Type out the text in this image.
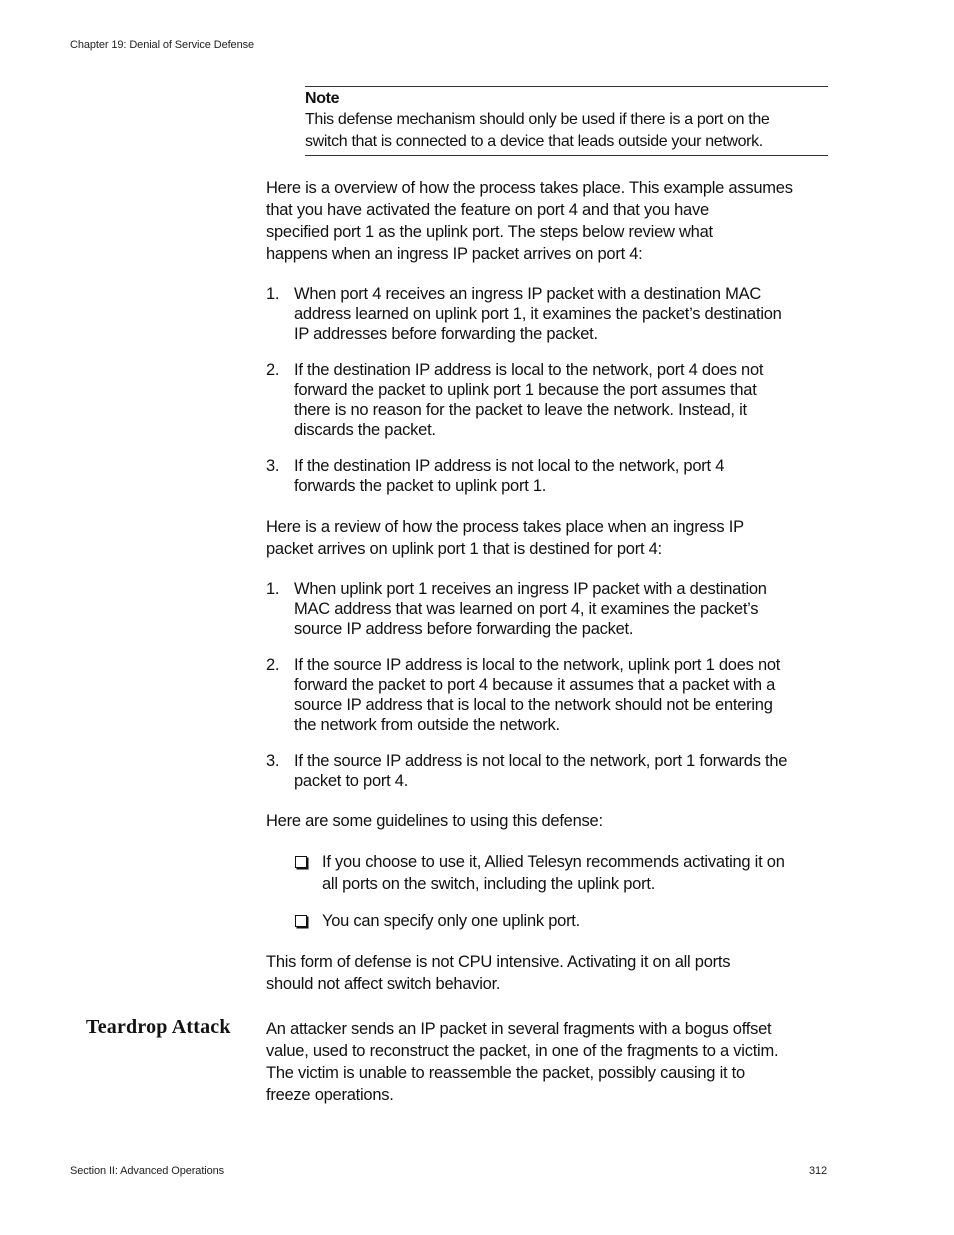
Chapter 19: Denial of Service Defense
Note
This defense mechanism should only be used if there is a port on the
switch that is connected to a device that leads outside your network.
Here is a overview of how the process takes place. This example assumes
that you have activated the feature on port 4 and that you have
specified port 1 as the uplink port. The steps below review what
happens when an ingress IP packet arrives on port 4:
1. When port 4 receives an ingress IP packet with a destination MAC
address learned on uplink port 1, it examines the packet’s destination
IP addresses before forwarding the packet.
2. If the destination IP address is local to the network, port 4 does not
forward the packet to uplink port 1 because the port assumes that
there is no reason for the packet to leave the network. Instead, it
discards the packet.
3. If the destination IP address is not local to the network, port 4
forwards the packet to uplink port 1.
Here is a review of how the process takes place when an ingress IP
packet arrives on uplink port 1 that is destined for port 4:
1. When uplink port 1 receives an ingress IP packet with a destination
MAC address that was learned on port 4, it examines the packet’s
source IP address before forwarding the packet.
2. If the source IP address is local to the network, uplink port 1 does not
forward the packet to port 4 because it assumes that a packet with a
source IP address that is local to the network should not be entering
the network from outside the network.
3. If the source IP address is not local to the network, port 1 forwards the
packet to port 4.
Here are some guidelines to using this defense:
If you choose to use it, Allied Telesyn recommends activating it on
all ports on the switch, including the uplink port.
You can specify only one uplink port.
This form of defense is not CPU intensive. Activating it on all ports
should not affect switch behavior.
Teardrop Attack An attacker sends an IP packet in several fragments with a bogus offset
value, used to reconstruct the packet, in one of the fragments to a victim.
The victim is unable to reassemble the packet, possibly causing it to
freeze operations.
Section II: Advanced Operations	312
